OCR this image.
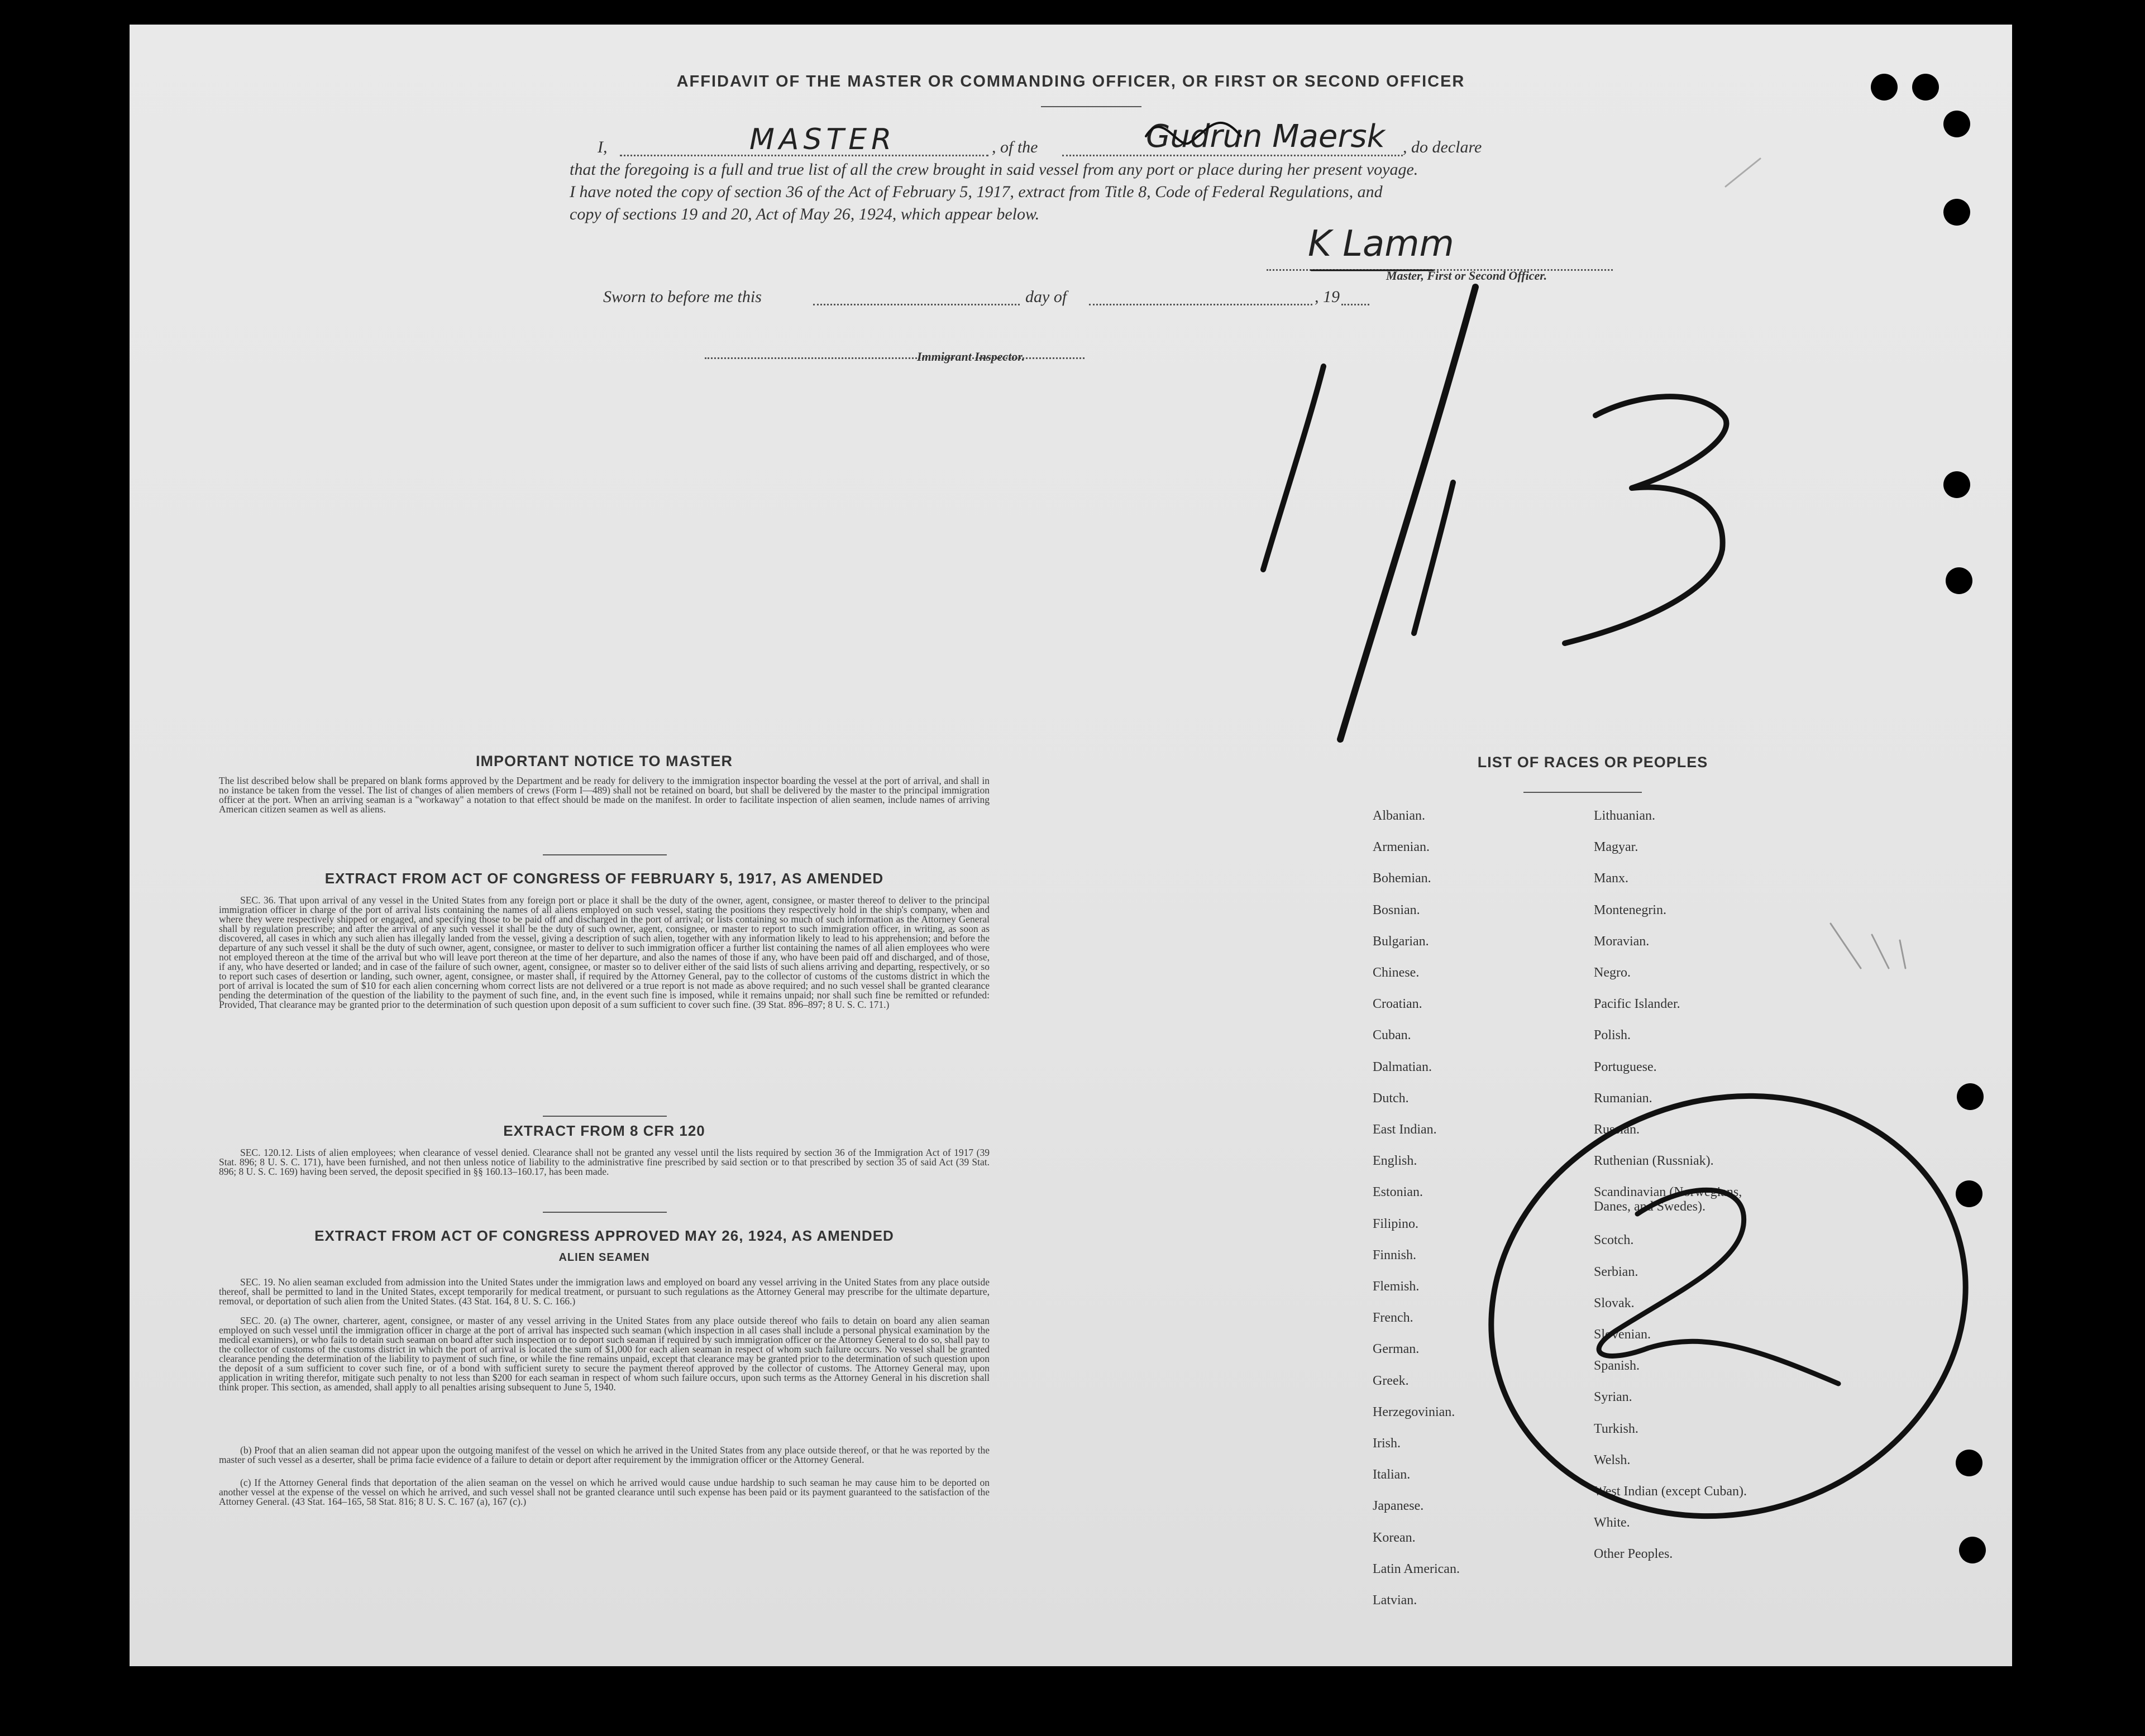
AFFIDAVIT OF THE MASTER OR COMMANDING OFFICER, OR FIRST OR SECOND OFFICER
I,	MASTER	, of the	Gudrun Maersk , do declare
that the foregoing is a full and true list of all the crew brought in said vessel from any port or place during her present voyage.
I have noted the copy of section 36 of the Act of February 5, 1917, extract from Title 8, Code of Federal Regulations, and
copy of sections 19 and 20, Act of May 26, 1924, which appear below.
K Lamm
Master, First or Second Officer.
Sworn to before me this	day of	, 19
Immigrant Inspector.
IMPORTANT NOTICE TO MASTER
The list described below shall be prepared on blank forms approved by the Department and be ready for delivery to the immigration inspector boarding the vessel at the port of arrival, and shall in no instance be taken from the vessel. The list of changes of alien members of crews (Form I—489) shall not be retained on board, but shall be delivered by the master to the principal immigration officer at the port. When an arriving seaman is a "workaway" a notation to that effect should be made on the manifest. In order to facilitate inspection of alien seamen, include names of arriving American citizen seamen as well as aliens.
EXTRACT FROM ACT OF CONGRESS OF FEBRUARY 5, 1917, AS AMENDED
SEC. 36. That upon arrival of any vessel in the United States from any foreign port or place it shall be the duty of the owner, agent, consignee, or master thereof to deliver to the principal immigration officer in charge of the port of arrival lists containing the names of all aliens employed on such vessel, stating the positions they respectively hold in the ship's company, when and where they were respectively shipped or engaged, and specifying those to be paid off and discharged in the port of arrival; or lists containing so much of such information as the Attorney General shall by regulation prescribe; and after the arrival of any such vessel it shall be the duty of such owner, agent, consignee, or master to report to such immigration officer, in writing, as soon as discovered, all cases in which any such alien has illegally landed from the vessel, giving a description of such alien, together with any information likely to lead to his apprehension; and before the departure of any such vessel it shall be the duty of such owner, agent, consignee, or master to deliver to such immigration officer a further list containing the names of all alien employees who were not employed thereon at the time of the arrival but who will leave port thereon at the time of her departure, and also the names of those if any, who have been paid off and discharged, and of those, if any, who have deserted or landed; and in case of the failure of such owner, agent, consignee, or master so to deliver either of the said lists of such aliens arriving and departing, respectively, or so to report such cases of desertion or landing, such owner, agent, consignee, or master shall, if required by the Attorney General, pay to the collector of customs of the customs district in which the port of arrival is located the sum of $10 for each alien concerning whom correct lists are not delivered or a true report is not made as above required; and no such vessel shall be granted clearance pending the determination of the question of the liability to the payment of such fine, and, in the event such fine is imposed, while it remains unpaid; nor shall such fine be remitted or refunded: Provided, That clearance may be granted prior to the determination of such question upon deposit of a sum sufficient to cover such fine. (39 Stat. 896–897; 8 U. S. C. 171.)
EXTRACT FROM 8 CFR 120
SEC. 120.12. Lists of alien employees; when clearance of vessel denied. Clearance shall not be granted any vessel until the lists required by section 36 of the Immigration Act of 1917 (39 Stat. 896; 8 U. S. C. 171), have been furnished, and not then unless notice of liability to the administrative fine prescribed by said section or to that prescribed by section 35 of said Act (39 Stat. 896; 8 U. S. C. 169) having been served, the deposit specified in §§ 160.13–160.17, has been made.
EXTRACT FROM ACT OF CONGRESS APPROVED MAY 26, 1924, AS AMENDED
ALIEN SEAMEN
SEC. 19. No alien seaman excluded from admission into the United States under the immigration laws and employed on board any vessel arriving in the United States from any place outside thereof, shall be permitted to land in the United States, except temporarily for medical treatment, or pursuant to such regulations as the Attorney General may prescribe for the ultimate departure, removal, or deportation of such alien from the United States. (43 Stat. 164, 8 U. S. C. 166.)
SEC. 20. (a) The owner, charterer, agent, consignee, or master of any vessel arriving in the United States from any place outside thereof who fails to detain on board any alien seaman employed on such vessel until the immigration officer in charge at the port of arrival has inspected such seaman (which inspection in all cases shall include a personal physical examination by the medical examiners), or who fails to detain such seaman on board after such inspection or to deport such seaman if required by such immigration officer or the Attorney General to do so, shall pay to the collector of customs of the customs district in which the port of arrival is located the sum of $1,000 for each alien seaman in respect of whom such failure occurs. No vessel shall be granted clearance pending the determination of the liability to payment of such fine, or while the fine remains unpaid, except that clearance may be granted prior to the determination of such question upon the deposit of a sum sufficient to cover such fine, or of a bond with sufficient surety to secure the payment thereof approved by the collector of customs. The Attorney General may, upon application in writing therefor, mitigate such penalty to not less than $200 for each seaman in respect of whom such failure occurs, upon such terms as the Attorney General in his discretion shall think proper. This section, as amended, shall apply to all penalties arising subsequent to June 5, 1940.
(b) Proof that an alien seaman did not appear upon the outgoing manifest of the vessel on which he arrived in the United States from any place outside thereof, or that he was reported by the master of such vessel as a deserter, shall be prima facie evidence of a failure to detain or deport after requirement by the immigration officer or the Attorney General.
(c) If the Attorney General finds that deportation of the alien seaman on the vessel on which he arrived would cause undue hardship to such seaman he may cause him to be deported on another vessel at the expense of the vessel on which he arrived, and such vessel shall not be granted clearance until such expense has been paid or its payment guaranteed to the satisfaction of the Attorney General. (43 Stat. 164–165, 58 Stat. 816; 8 U. S. C. 167 (a), 167 (c).)
LIST OF RACES OR PEOPLES
Albanian.
Armenian.
Bohemian.
Bosnian.
Bulgarian.
Chinese.
Croatian.
Cuban.
Dalmatian.
Dutch.
East Indian.
English.
Estonian.
Filipino.
Finnish.
Flemish.
French.
German.
Greek.
Herzegovinian.
Irish.
Italian.
Japanese.
Korean.
Latin American.
Latvian.
Lithuanian.
Magyar.
Manx.
Montenegrin.
Moravian.
Negro.
Pacific Islander.
Polish.
Portuguese.
Rumanian.
Russian.
Ruthenian (Russniak).
Scandinavian (Norwegians,
Danes, and Swedes).
Scotch.
Serbian.
Slovak.
Slovenian.
Spanish.
Syrian.
Turkish.
Welsh.
West Indian (except Cuban).
White.
Other Peoples.
